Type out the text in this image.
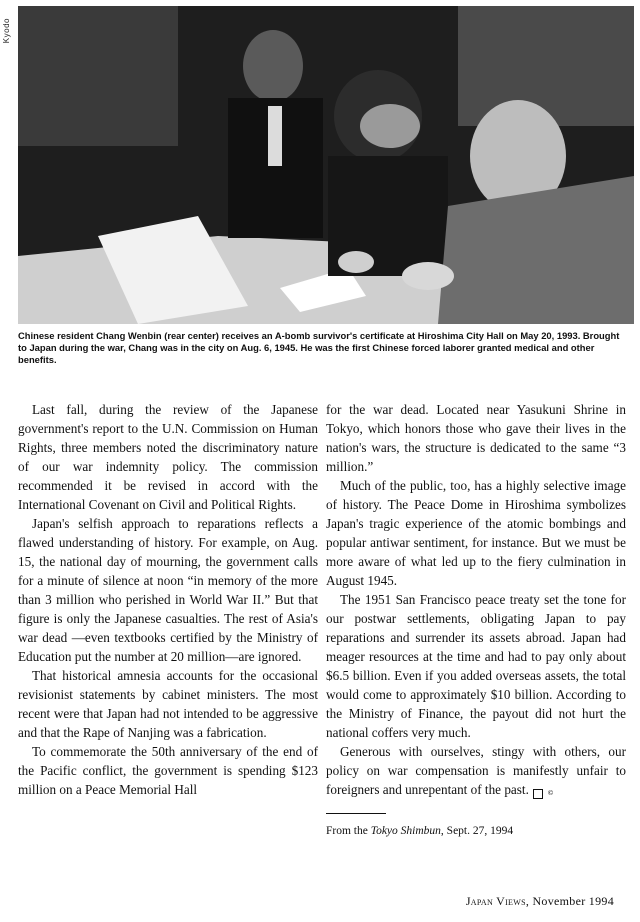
Kyodo
Chinese resident Chang Wenbin (rear center) receives an A-bomb survivor's certificate at Hiroshima City Hall on May 20, 1993. Brought to Japan during the war, Chang was in the city on Aug. 6, 1945. He was the first Chinese forced laborer granted medical and other benefits.

Last fall, during the review of the Japanese government's report to the U.N. Commission on Human Rights, three members noted the discriminatory nature of our war indemnity policy. The commission recommended it be revised in accord with the International Covenant on Civil and Political Rights.

Japan's selfish approach to reparations reflects a flawed understanding of history. For example, on Aug. 15, the national day of mourning, the government calls for a minute of silence at noon “in memory of the more than 3 million who perished in World War II.” But that figure is only the Japanese casualties. The rest of Asia's war dead —even textbooks certified by the Ministry of Education put the number at 20 million—are ignored.

That historical amnesia accounts for the occasional revisionist statements by cabinet ministers. The most recent were that Japan had not intended to be aggressive and that the Rape of Nanjing was a fabrication.

To commemorate the 50th anniversary of the end of the Pacific conflict, the government is spending $123 million on a Peace Memorial Hall

for the war dead. Located near Yasukuni Shrine in Tokyo, which honors those who gave their lives in the nation's wars, the structure is dedicated to the same “3 million.”

Much of the public, too, has a highly selective image of history. The Peace Dome in Hiroshima symbolizes Japan's tragic experience of the atomic bombings and popular antiwar sentiment, for instance. But we must be more aware of what led up to the fiery culmination in August 1945.

The 1951 San Francisco peace treaty set the tone for our postwar settlements, obligating Japan to pay reparations and surrender its assets abroad. Japan had meager resources at the time and had to pay only about $6.5 billion. Even if you added overseas assets, the total would come to approximately $10 billion. According to the Ministry of Finance, the payout did not hurt the national coffers very much.

Generous with ourselves, stingy with others, our policy on war compensation is manifestly unfair to foreigners and unrepentant of the past.	©

From the Tokyo Shimbun, Sept. 27, 1994

Japan Views, November 1994
